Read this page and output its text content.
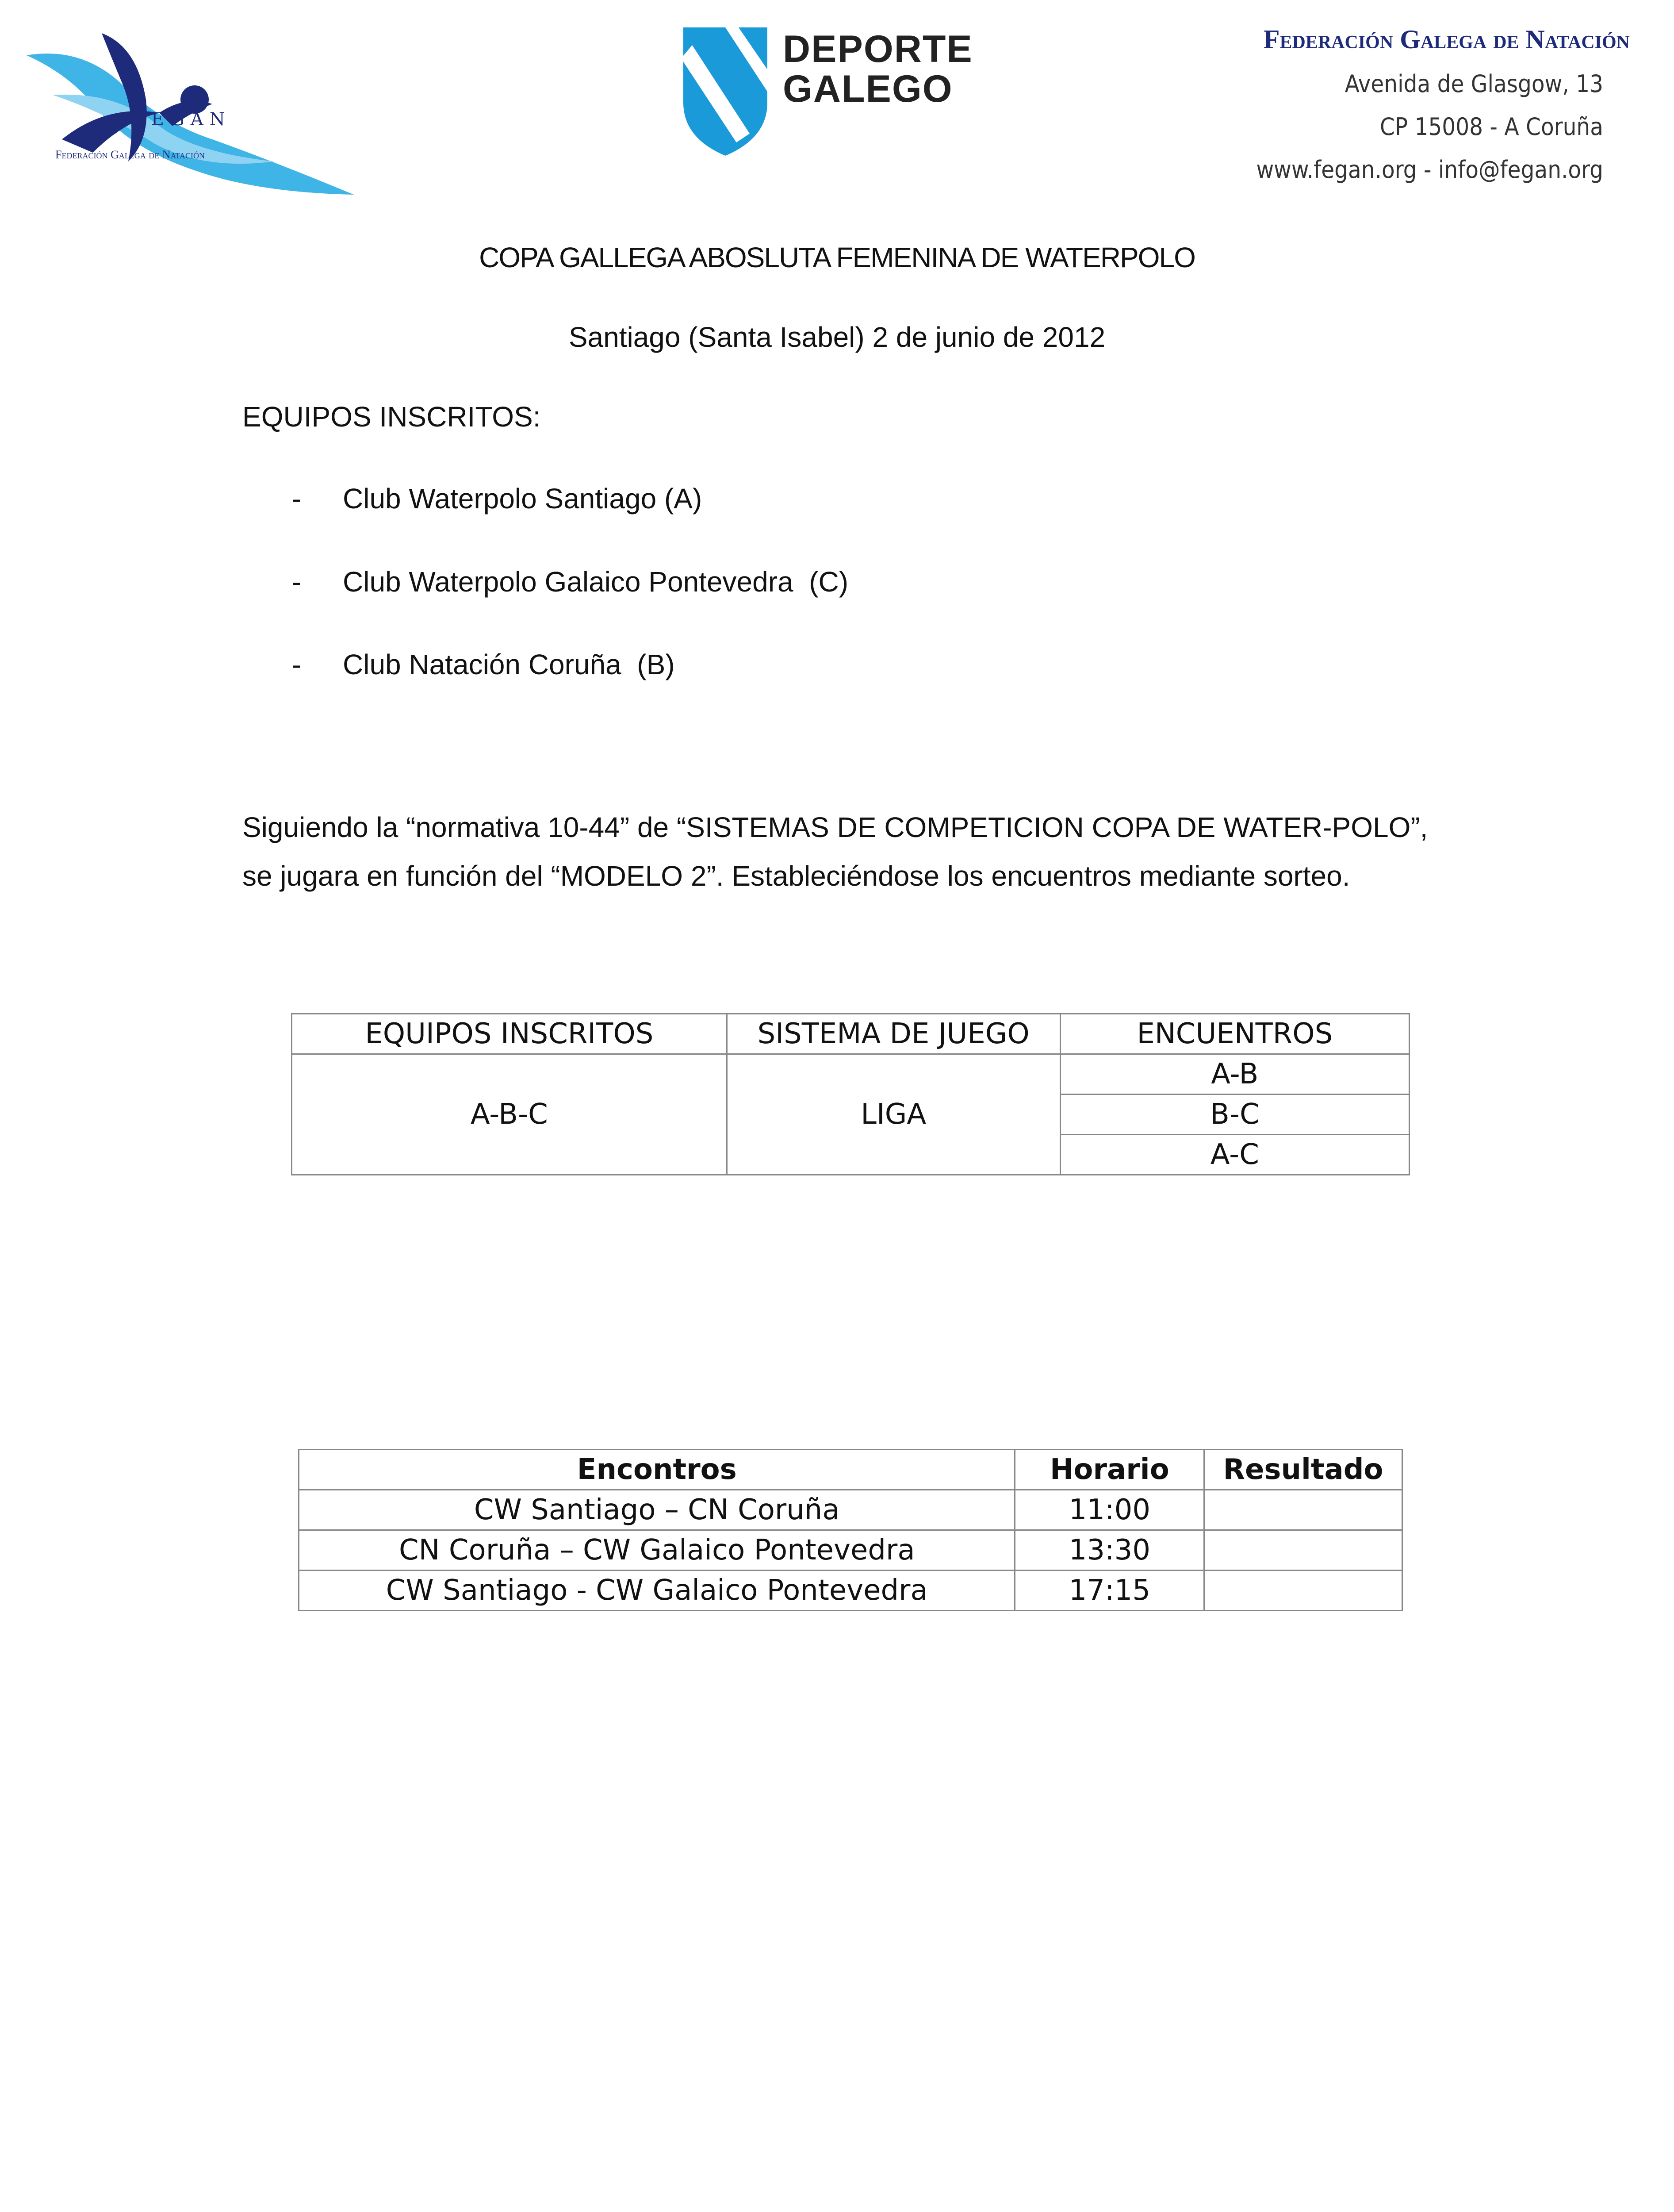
FEGAN
Federación Galega de Natación
DEPORTE
GALEGO
Federación Galega de Natación
Avenida de Glasgow, 13
CP 15008 - A Coruña
www.fegan.org - info@fegan.org
COPA GALLEGA ABOSLUTA FEMENINA DE WATERPOLO
Santiago (Santa Isabel) 2 de junio de 2012
EQUIPOS INSCRITOS:
- Club Waterpolo Santiago (A)
- Club Waterpolo Galaico Pontevedra  (C)
- Club Natación Coruña  (B)
Siguiendo la “normativa 10-44” de “SISTEMAS DE COMPETICION COPA DE WATER-POLO”,
se jugara en función del “MODELO 2”. Estableciéndose los encuentros mediante sorteo.
EQUIPOS INSCRITOS	SISTEMA DE JUEGO	ENCUENTROS
A-B-C	LIGA	A-B
		B-C
		A-C
Encontros	Horario	Resultado
CW Santiago – CN Coruña	11:00	
CN Coruña – CW Galaico Pontevedra	13:30	
CW Santiago - CW Galaico Pontevedra	17:15	
